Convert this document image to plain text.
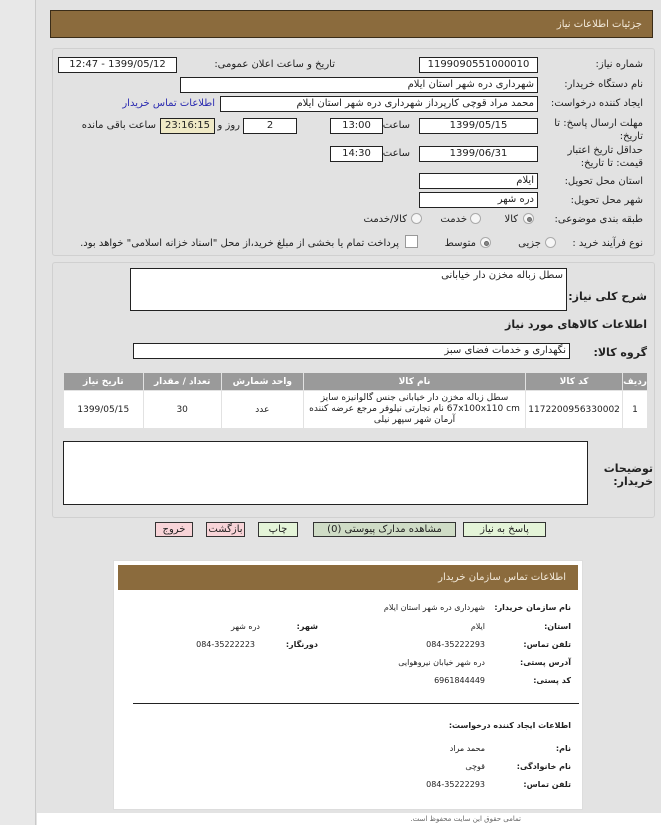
جزئیات اطلاعات نیاز
شماره نیاز:
1199090551000010
تاریخ و ساعت اعلان عمومی:
1399/05/12 - 12:47
نام دستگاه خریدار:
شهرداری دره شهر استان ایلام
ایجاد کننده درخواست:
محمد مراد قوچی کارپرداز شهرداری دره شهر استان ایلام
اطلاعات تماس خریدار
مهلت ارسال پاسخ: تا تاریخ:
1399/05/15
ساعت
13:00
2
روز و
23:16:15
ساعت باقی مانده
حداقل تاریخ اعتبار قیمت: تا تاریخ:
1399/06/31
ساعت
14:30
استان محل تحویل:
ایلام
شهر محل تحویل:
دره شهر
طبقه بندی موضوعی:
کالا
خدمت
کالا/خدمت
نوع فرآیند خرید :
جزیی
متوسط
پرداخت تمام یا بخشی از مبلغ خرید،از محل "اسناد خزانه اسلامی" خواهد بود.
سطل زباله مخزن دار خیابانی
شرح کلی نیاز:
اطلاعات کالاهای مورد نیاز
گروه کالا:
نگهداری و خدمات فضای سبز
ردیف	کد کالا	نام کالا	واحد شمارش	تعداد / مقدار	تاریخ نیاز
1	1172200956330002	سطل زباله مخزن دار خیابانی جنس گالوانیزه سایز 67x100x110 cm نام تجارتی نیلوفر مرجع عرضه کننده آرمان شهر سپهر نیلی	عدد	30	1399/05/15
توضیحات خریدار:
پاسخ به نیاز
مشاهده مدارک پیوستی (0)
چاپ
بازگشت
خروج
اطلاعات تماس سازمان خریدار
نام سازمان خریدار:
شهرداری دره شهر استان ایلام
استان:
ایلام
شهر:
دره شهر
تلفن تماس:
084-35222293
دورنگار:
084-35222223
آدرس پستی:
دره شهر خیابان نیروهوایی
کد پستی:
6961844449
اطلاعات ایجاد کننده درخواست:
نام:
محمد مراد
نام خانوادگی:
قوچی
تلفن تماس:
084-35222293
تمامی حقوق این سایت محفوظ است.
